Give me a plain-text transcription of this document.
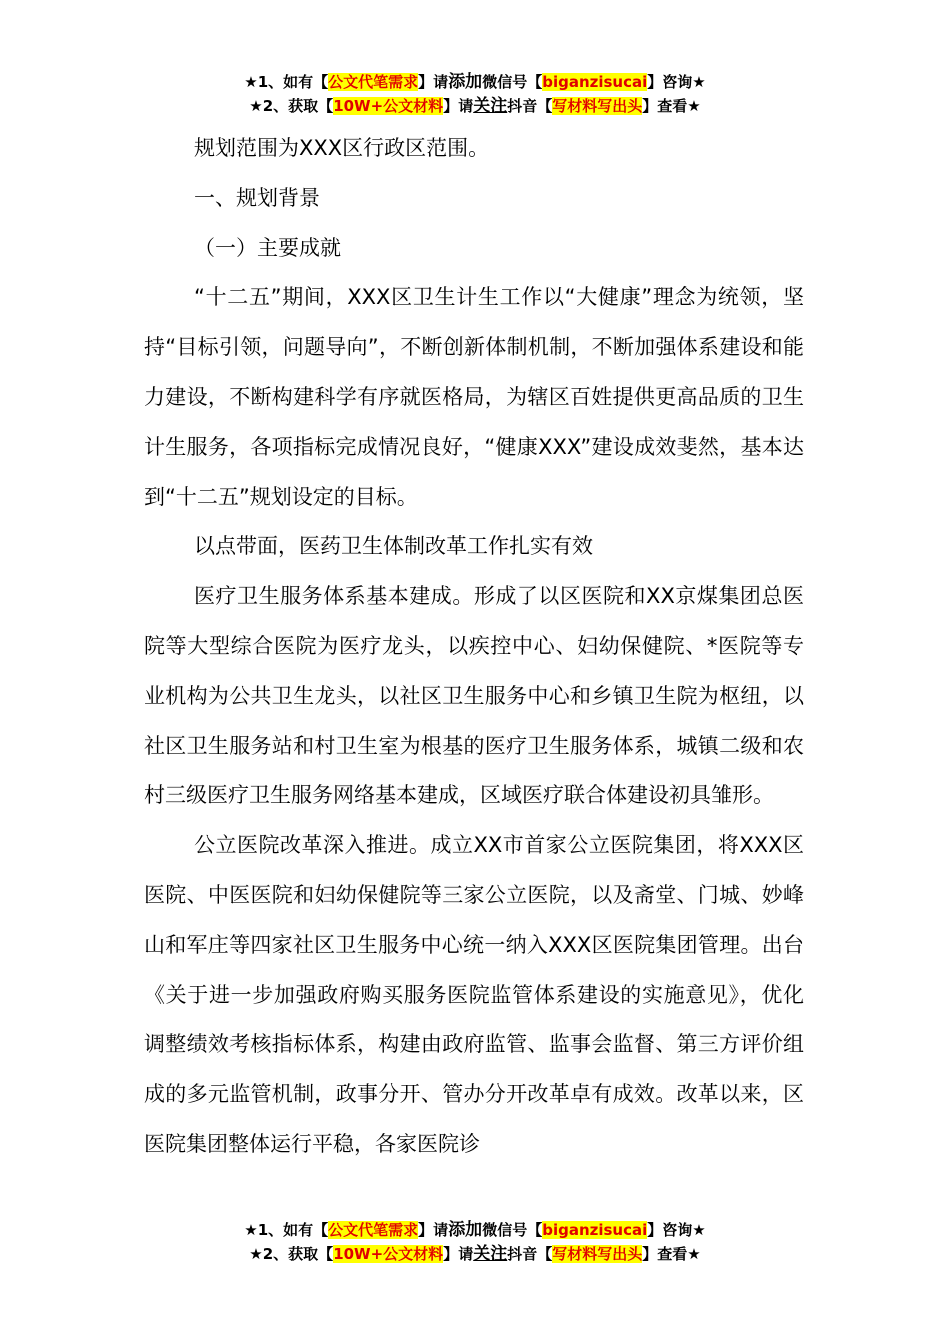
★1、如有【公文代笔需求】请添加微信号【biganzisucai】咨询★
★2、获取【10W+公文材料】请关注抖音【写材料写出头】查看★

规划范围为XXX区行政区范围。

一、规划背景

（一）主要成就

“十二五”期间，XXX区卫生计生工作以“大健康”理念为统领，坚持“目标引领，问题导向”，不断创新体制机制，不断加强体系建设和能力建设，不断构建科学有序就医格局，为辖区百姓提供更高品质的卫生计生服务，各项指标完成情况良好，“健康XXX”建设成效斐然，基本达到“十二五”规划设定的目标。

以点带面，医药卫生体制改革工作扎实有效

医疗卫生服务体系基本建成。形成了以区医院和XX京煤集团总医院等大型综合医院为医疗龙头，以疾控中心、妇幼保健院、*医院等专业机构为公共卫生龙头，以社区卫生服务中心和乡镇卫生院为枢纽，以社区卫生服务站和村卫生室为根基的医疗卫生服务体系，城镇二级和农村三级医疗卫生服务网络基本建成，区域医疗联合体建设初具雏形。

公立医院改革深入推进。成立XX市首家公立医院集团，将XXX区医院、中医医院和妇幼保健院等三家公立医院，以及斋堂、门城、妙峰山和军庄等四家社区卫生服务中心统一纳入XXX区医院集团管理。出台《关于进一步加强政府购买服务医院监管体系建设的实施意见》，优化调整绩效考核指标体系，构建由政府监管、监事会监督、第三方评价组成的多元监管机制，政事分开、管办分开改革卓有成效。改革以来，区医院集团整体运行平稳，各家医院诊

★1、如有【公文代笔需求】请添加微信号【biganzisucai】咨询★
★2、获取【10W+公文材料】请关注抖音【写材料写出头】查看★
